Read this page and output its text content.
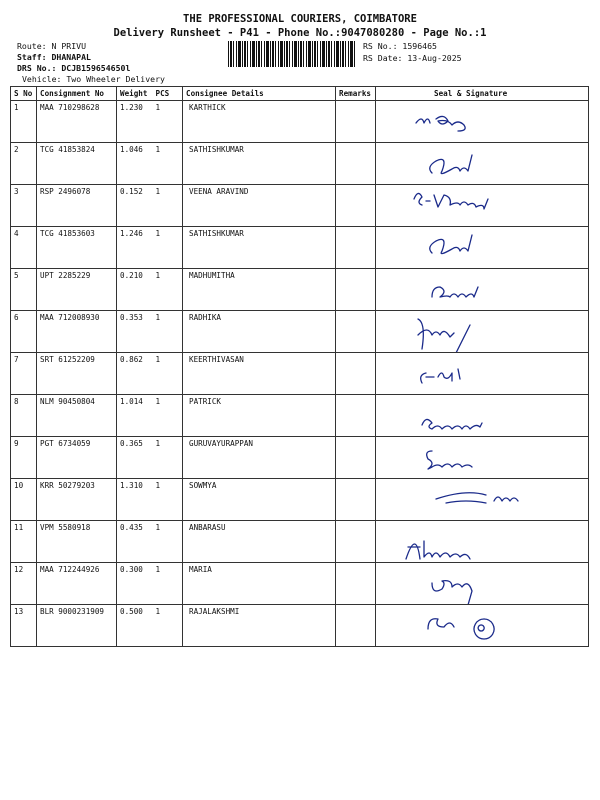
THE PROFESSIONAL COURIERS, COIMBATORE
Delivery Runsheet - P41 - Phone No.:9047080280 - Page No.:1
Route: N PRIVU
Staff: DHANAPAL
DRS No.: DCJB159654650l
Vehicle: Two Wheeler Delivery
RS No.: 1596465
RS Date: 13-Aug-2025
S No	Consignment No	Weight	PCS	Consignee Details	Remarks	Seal & Signature
1	MAA 710298628	1.230	1	KARTHICK		

2	TCG 41853824	1.046	1	SATHISHKUMAR		

3	RSP 2496078	0.152	1	VEENA ARAVIND		

4	TCG 41853603	1.246	1	SATHISHKUMAR		

5	UPT 2285229	0.210	1	MADHUMITHA		

6	MAA 712008930	0.353	1	RADHIKA		

7	SRT 61252209	0.862	1	KEERTHIVASAN		

8	NLM 90450804	1.014	1	PATRICK		

9	PGT 6734059	0.365	1	GURUVAYURAPPAN		

10	KRR 50279203	1.310	1	SOWMYA		

11	VPM 5580918	0.435	1	ANBARASU		

12	MAA 712244926	0.300	1	MARIA		

13	BLR 9000231909	0.500	1	RAJALAKSHMI		
